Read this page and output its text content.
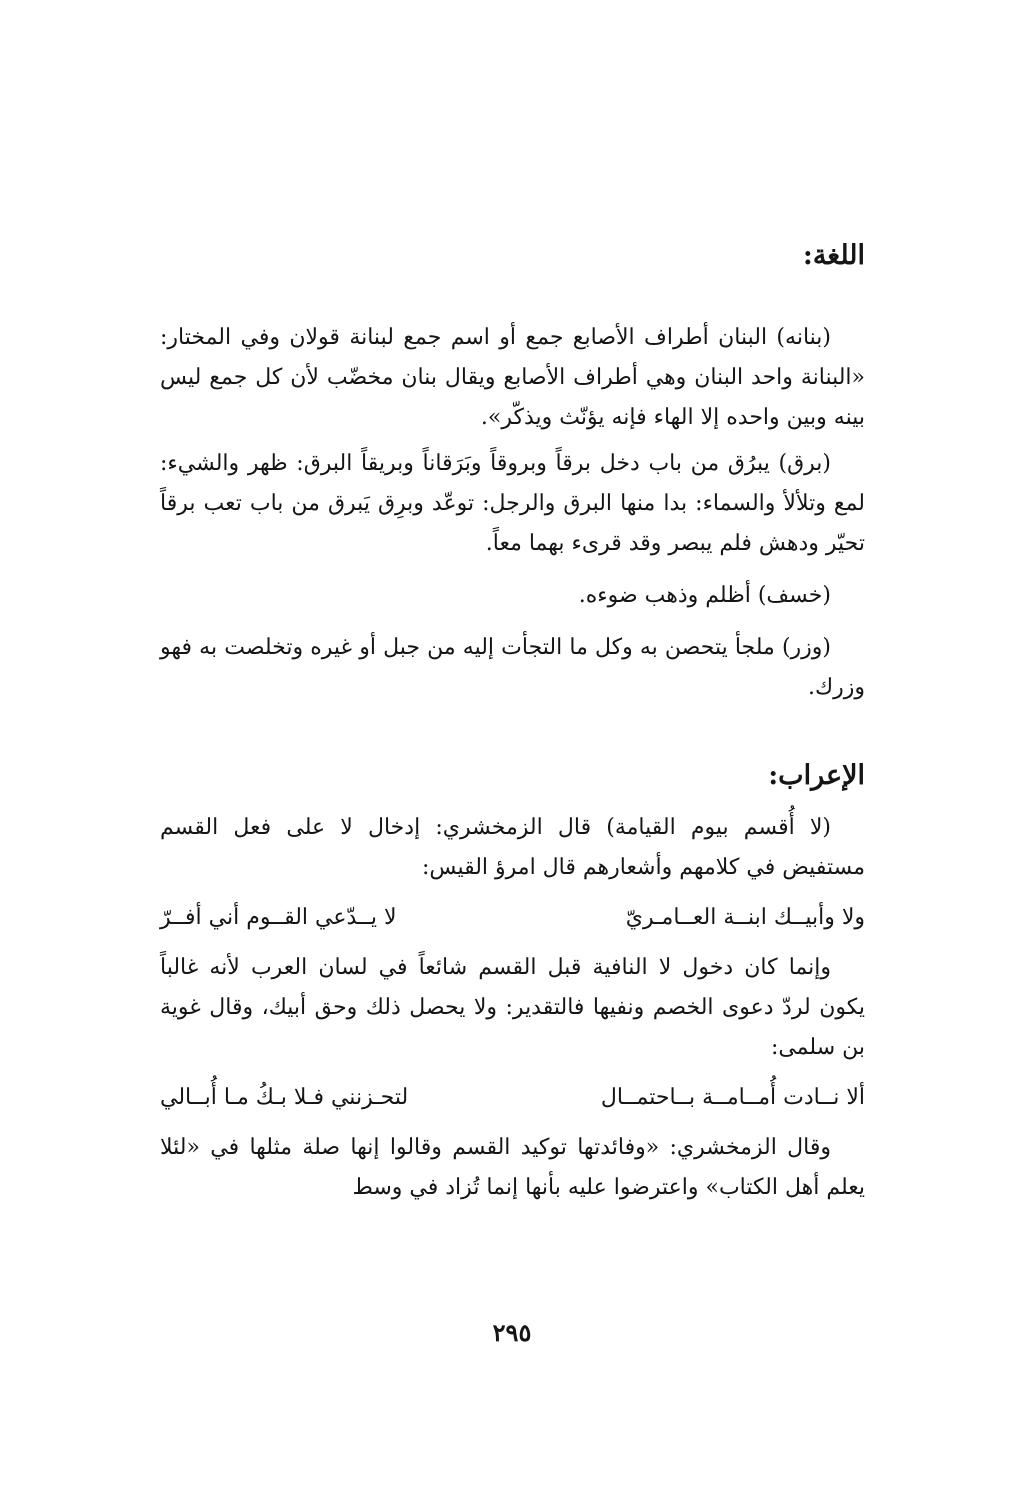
اللغة:

(بنانه) البنان أطراف الأصابع جمع أو اسم جمع لبنانة قولان وفي المختار: «البنانة واحد البنان وهي أطراف الأصابع ويقال بنان مخضّب لأن كل جمع ليس بينه وبين واحده إلا الهاء فإنه يؤنّث ويذكّر».

(برق) يبرُق من باب دخل برقاً وبروقاً وبَرَقاناً وبريقاً البرق: ظهر والشيء: لمع وتلألأ والسماء: بدا منها البرق والرجل: توعّد وبرِق يَبرق من باب تعب برقاً تحيّر ودهش فلم يبصر وقد قرىء بهما معاً.

(خسف) أظلم وذهب ضوءه.

(وزر) ملجأ يتحصن به وكل ما التجأت إليه من جبل أو غيره وتخلصت به فهو وزرك.

الإعراب:

(لا أُقسم بيوم القيامة) قال الزمخشري: إدخال لا على فعل القسم مستفيض في كلامهم وأشعارهم قال امرؤ القيس:

ولا وأبيــك ابنــة العــامـريّ
لا يــدّعي القــوم أني أفــرّ

وإنما كان دخول لا النافية قبل القسم شائعاً في لسان العرب لأنه غالباً يكون لردّ دعوى الخصم ونفيها فالتقدير: ولا يحصل ذلك وحق أبيك، وقال غوية بن سلمى:

ألا نــادت أُمــامــة بــاحتمــال
لتحـزنني فـلا بـكُ مـا أُبــالي

وقال الزمخشري: «وفائدتها توكيد القسم وقالوا إنها صلة مثلها في «لئلا يعلم أهل الكتاب» واعترضوا عليه بأنها إنما تُزاد في وسط

٢٩٥
